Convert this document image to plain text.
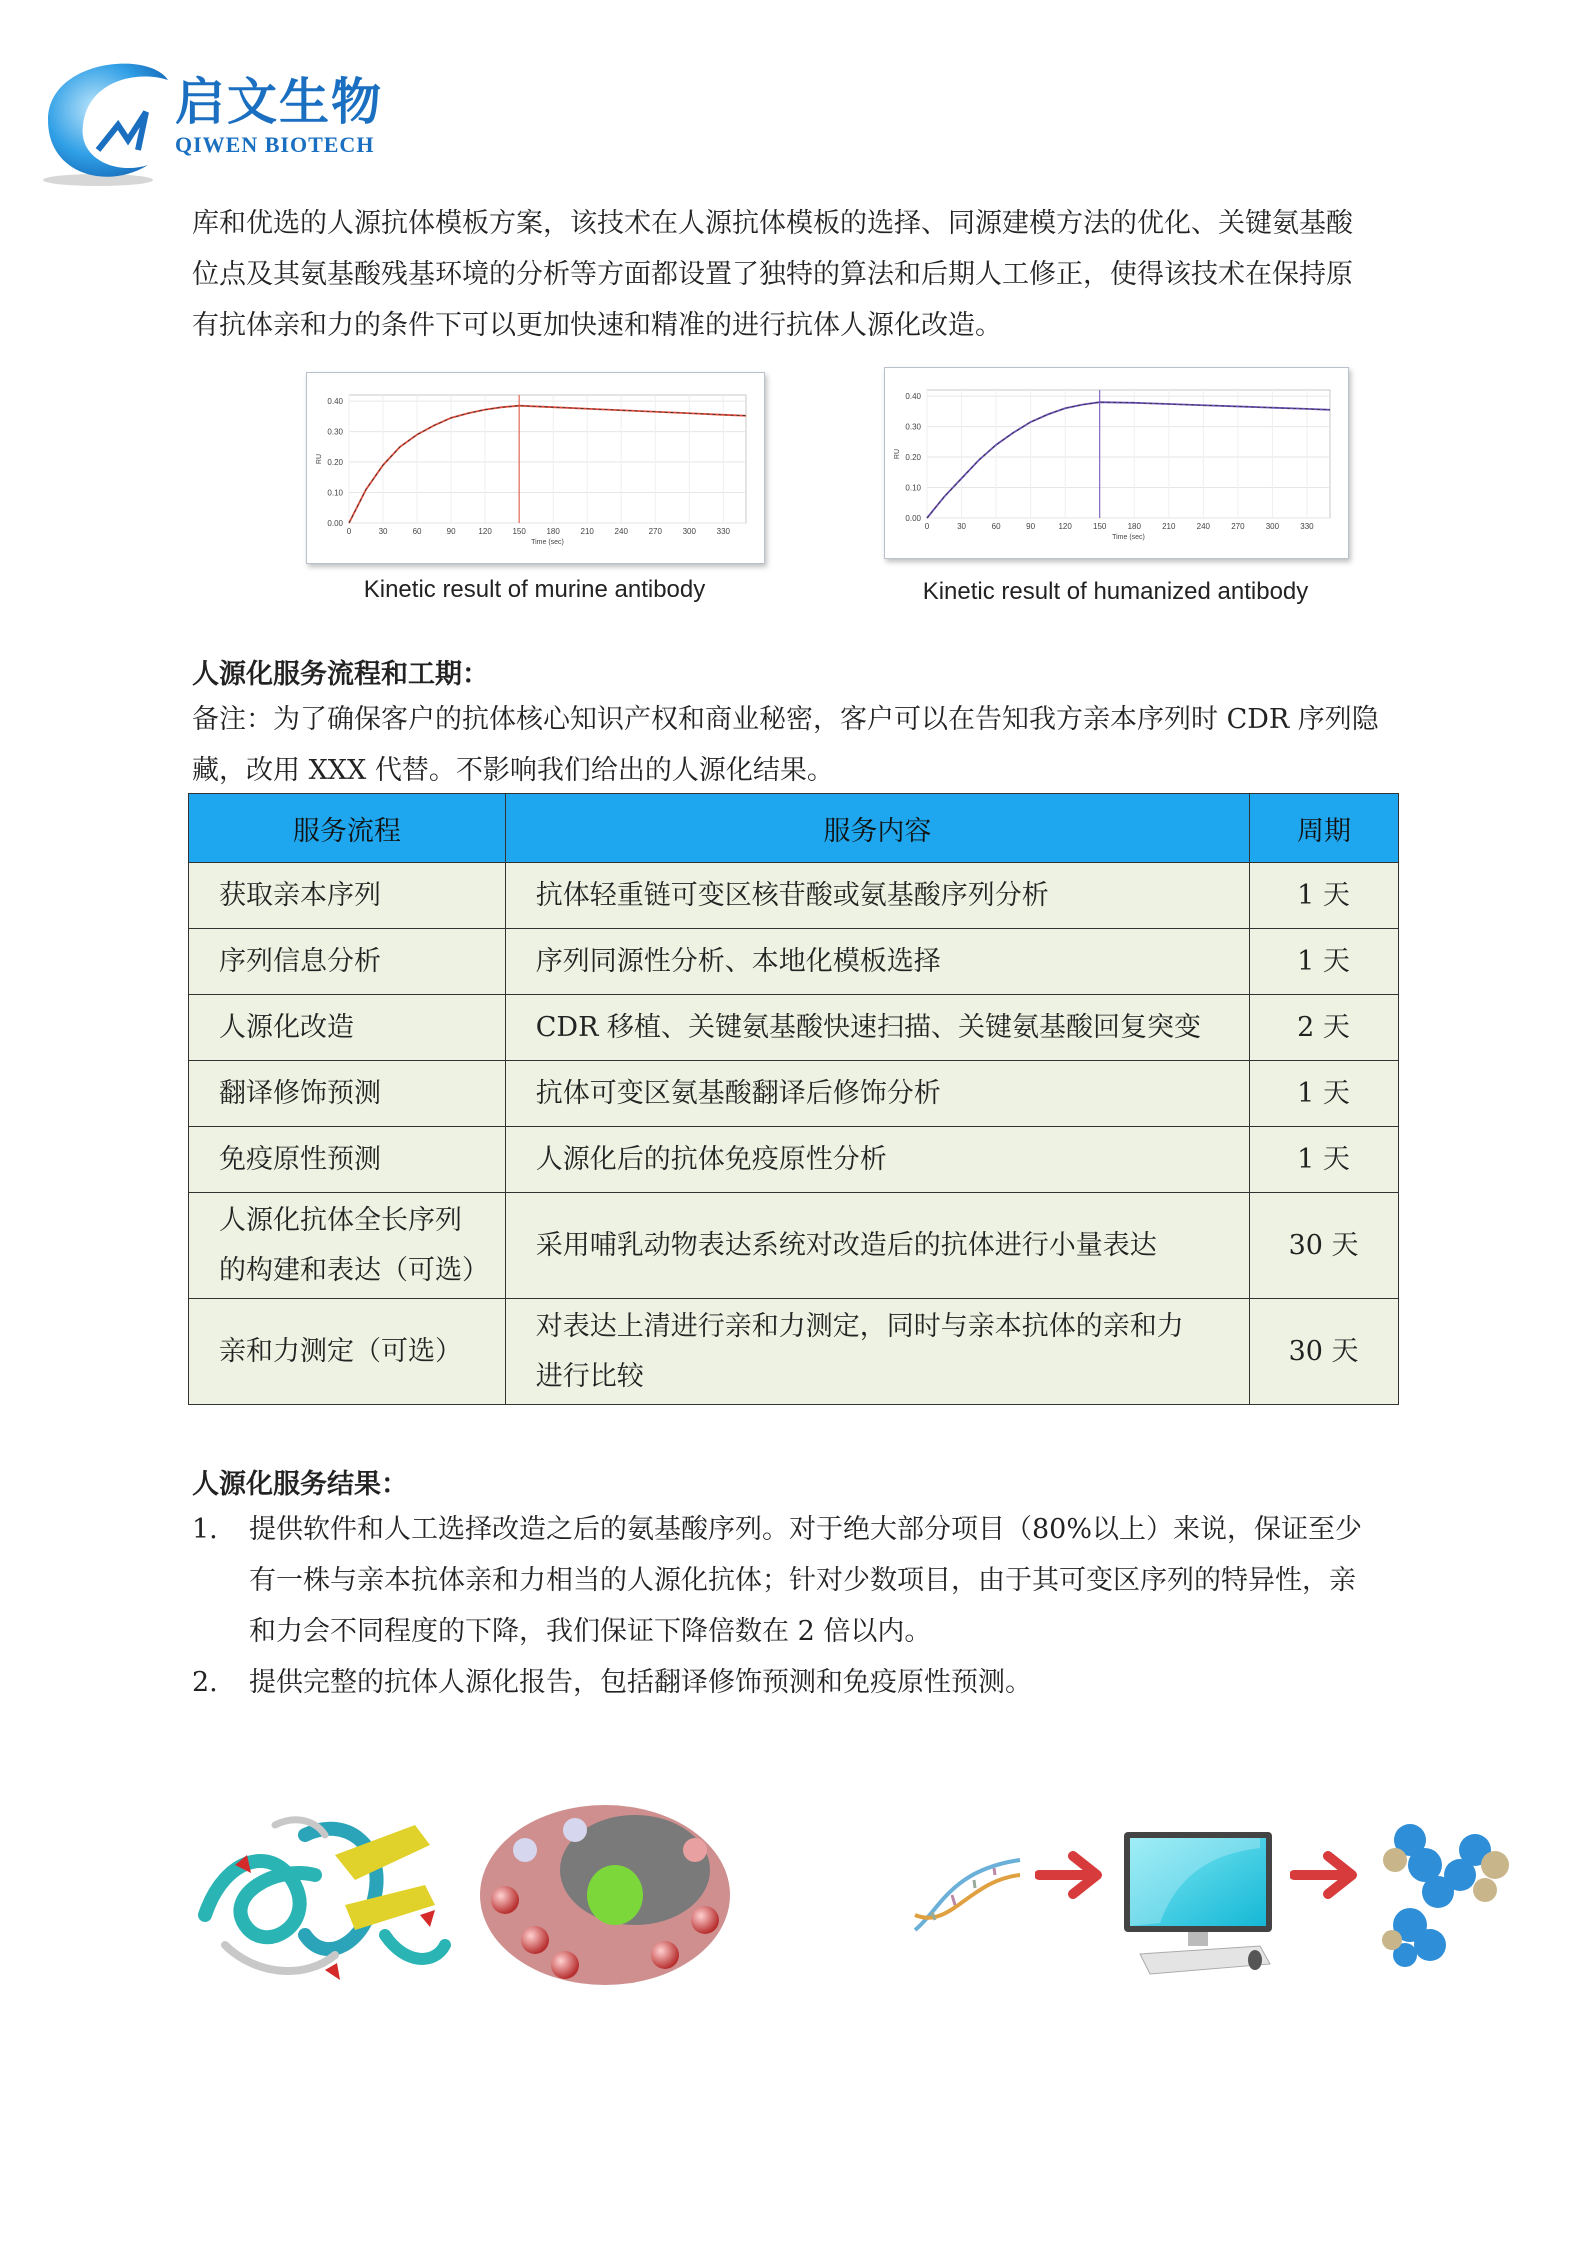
启文生物
QIWEN BIOTECH
库和优选的人源抗体模板方案，该技术在人源抗体模板的选择、同源建模方法的优化、关键氨基酸
位点及其氨基酸残基环境的分析等方面都设置了独特的算法和后期人工修正，使得该技术在保持原
有抗体亲和力的条件下可以更加快速和精准的进行抗体人源化改造。
0.00
0.10
0.20
0.30
0.40
0	30	60	90	120	150	180	210	240	270	300	330
Time (sec)
RU
Kinetic result of murine antibody
0.00
0.10
0.20
0.30
0.40
0	30	60	90	120	150	180	210	240	270	300	330
Time (sec)
RU
Kinetic result of humanized antibody
人源化服务流程和工期：
备注：为了确保客户的抗体核心知识产权和商业秘密，客户可以在告知我方亲本序列时 CDR 序列隐
藏，改用 XXX 代替。不影响我们给出的人源化结果。
服务流程	服务内容	周期
获取亲本序列	抗体轻重链可变区核苷酸或氨基酸序列分析	1 天
序列信息分析	序列同源性分析、本地化模板选择	1 天
人源化改造	CDR 移植、关键氨基酸快速扫描、关键氨基酸回复突变	2 天
翻译修饰预测	抗体可变区氨基酸翻译后修饰分析	1 天
免疫原性预测	人源化后的抗体免疫原性分析	1 天

人源化抗体全长序列
的构建和表达（可选）	采用哺乳动物表达系统对改造后的抗体进行小量表达	30 天
亲和力测定（可选）	对表达上清进行亲和力测定，同时与亲本抗体的亲和力
进行比较	30 天
人源化服务结果：
1. 提供软件和人工选择改造之后的氨基酸序列。对于绝大部分项目（80%以上）来说，保证至少
有一株与亲本抗体亲和力相当的人源化抗体；针对少数项目，由于其可变区序列的特异性，亲
和力会不同程度的下降，我们保证下降倍数在 2 倍以内。
2. 提供完整的抗体人源化报告，包括翻译修饰预测和免疫原性预测。
